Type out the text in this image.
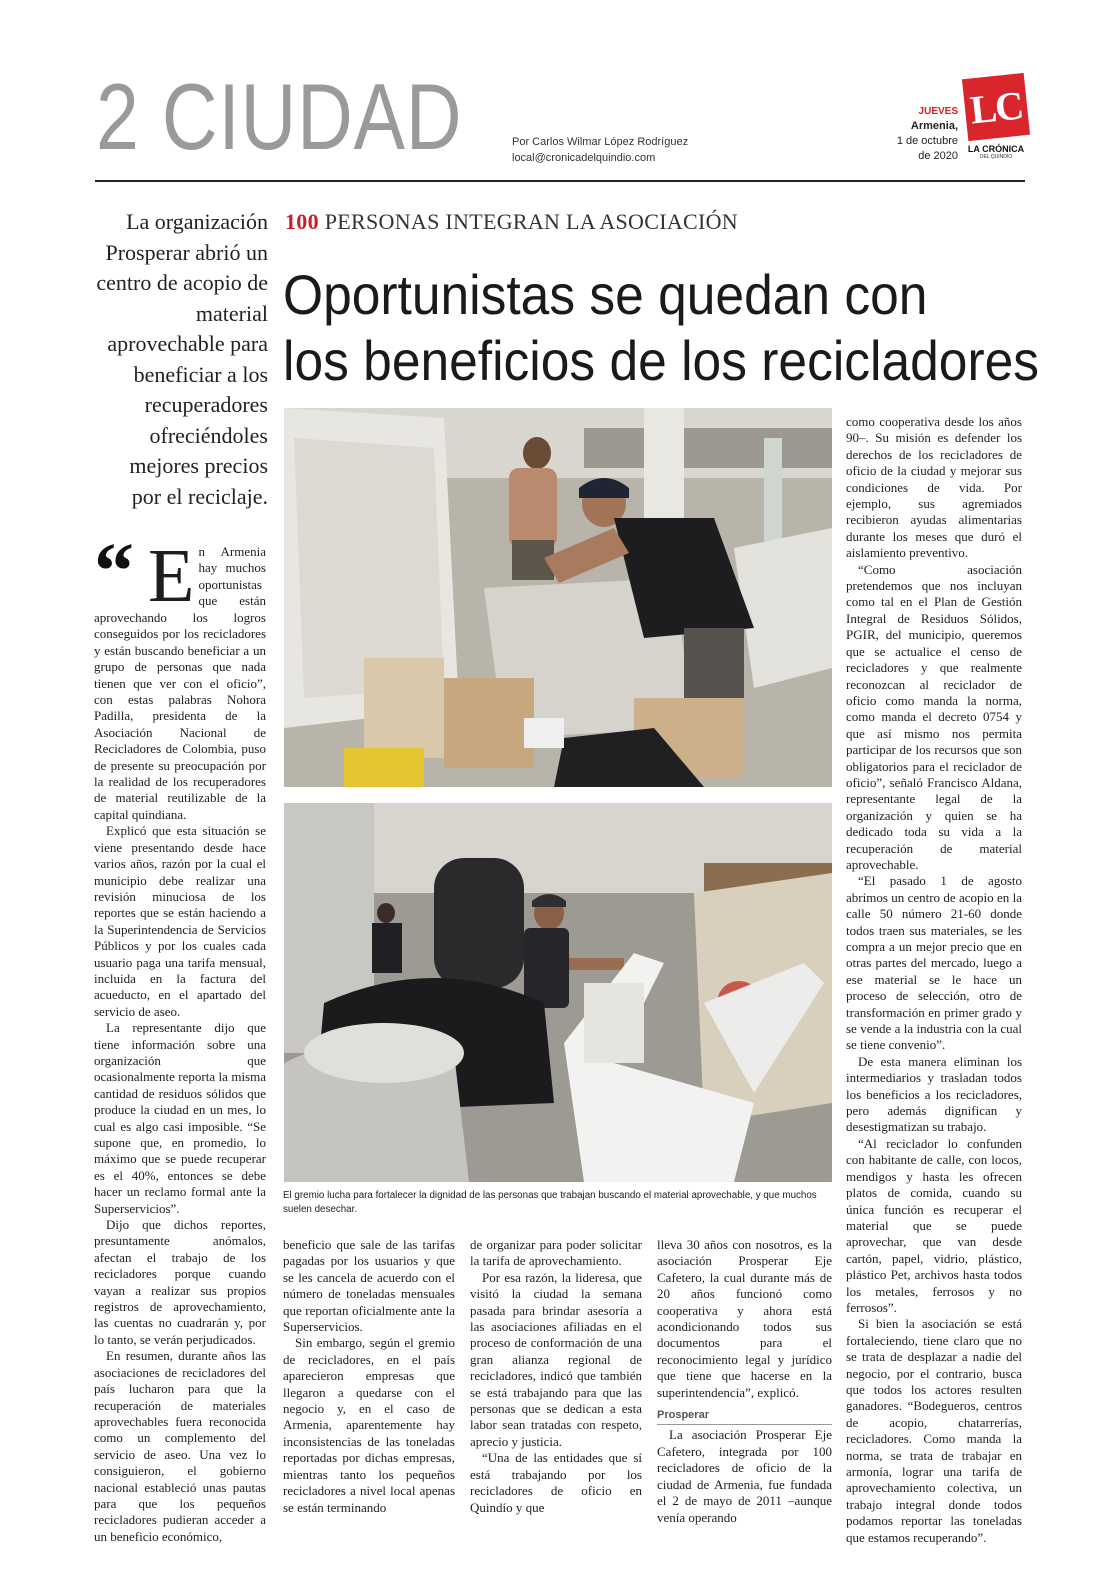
2 CIUDAD	Por Carlos Wilmar López Rodríguez
local@cronicadelquindio.com
JUEVES
Armenia,
1 de octubre
de 2020
LC
LA CRÓNICA
DEL QUINDÍO
La organización Prosperar abrió un centro de acopio de material aprovechable para beneficiar a los recuperadores ofreciéndoles mejores precios por el reciclaje.
100 PERSONAS INTEGRAN LA ASOCIACIÓN
Oportunistas se quedan con
los beneficios de los recicladores
El gremio lucha para fortalecer la dignidad de las personas que trabajan buscando el material aprovechable, y que muchos suelen desechar.
“ E n Armenia hay muchos oportunistas que están aprovechando los logros conseguidos por los recicladores y están buscando beneficiar a un grupo de personas que nada tienen que ver con el oficio”, con estas palabras Nohora Padilla, presidenta de la Asociación Nacional de Recicladores de Colombia, puso de presente su preocupación por la realidad de los recuperadores de material reutilizable de la capital quindiana.

Explicó que esta situación se viene presentando desde hace varios años, razón por la cual el municipio debe realizar una revisión minuciosa de los reportes que se están haciendo a la Superintendencia de Servicios Públicos y por los cuales cada usuario paga una tarifa mensual, incluida en la factura del acueducto, en el apartado del servicio de aseo.

La representante dijo que tiene información sobre una organización que ocasionalmente reporta la misma cantidad de residuos sólidos que produce la ciudad en un mes, lo cual es algo casi imposible. “Se supone que, en promedio, lo máximo que se puede recuperar es el 40%, entonces se debe hacer un reclamo formal ante la Superservicios”.

Dijo que dichos reportes, presuntamente anómalos, afectan el trabajo de los recicladores porque cuando vayan a realizar sus propios registros de aprovechamiento, las cuentas no cuadrarán y, por lo tanto, se verán perjudicados.

En resumen, durante años las asociaciones de recicladores del país lucharon para que la recuperación de materiales aprovechables fuera reconocida como un complemento del servicio de aseo. Una vez lo consiguieron, el gobierno nacional estableció unas pautas para que los pequeños recicladores pudieran acceder a un beneficio económico,

beneficio que sale de las tarifas pagadas por los usuarios y que se les cancela de acuerdo con el número de toneladas mensuales que reportan oficialmente ante la Superservicios.

Sin embargo, según el gremio de recicladores, en el país aparecieron empresas que llegaron a quedarse con el negocio y, en el caso de Armenia, aparentemente hay inconsistencias de las toneladas reportadas por dichas empresas, mientras tanto los pequeños recicladores a nivel local apenas se están terminando

de organizar para poder solicitar la tarifa de aprovechamiento.

Por esa razón, la lideresa, que visitó la ciudad la semana pasada para brindar asesoría a las asociaciones afiliadas en el proceso de conformación de una gran alianza regional de recicladores, indicó que también se está trabajando para que las personas que se dedican a esta labor sean tratadas con respeto, aprecio y justicia.

“Una de las entidades que sí está trabajando por los recicladores de oficio en Quindío y que

lleva 30 años con nosotros, es la asociación Prosperar Eje Cafetero, la cual durante más de 20 años funcionó como cooperativa y ahora está acondicionando todos sus documentos para el reconocimiento legal y jurídico que tiene que hacerse en la superintendencia”, explicó.

Prosperar

La asociación Prosperar Eje Cafetero, integrada por 100 recicladores de oficio de la ciudad de Armenia, fue fundada el 2 de mayo de 2011 –aunque venía operando

como cooperativa desde los años 90–. Su misión es defender los derechos de los recicladores de oficio de la ciudad y mejorar sus condiciones de vida. Por ejemplo, sus agremiados recibieron ayudas alimentarias durante los meses que duró el aislamiento preventivo.

“Como asociación pretendemos que nos incluyan como tal en el Plan de Gestión Integral de Residuos Sólidos, PGIR, del municipio, queremos que se actualice el censo de recicladores y que realmente reconozcan al reciclador de oficio como manda la norma, como manda el decreto 0754 y que así mismo nos permita participar de los recursos que son obligatorios para el reciclador de oficio”, señaló Francisco Aldana, representante legal de la organización y quien se ha dedicado toda su vida a la recuperación de material aprovechable.

“El pasado 1 de agosto abrimos un centro de acopio en la calle 50 número 21-60 donde todos traen sus materiales, se les compra a un mejor precio que en otras partes del mercado, luego a ese material se le hace un proceso de selección, otro de transformación en primer grado y se vende a la industria con la cual se tiene convenio”.

De esta manera eliminan los intermediarios y trasladan todos los beneficios a los recicladores, pero además dignifican y desestigmatizan su trabajo.

“Al reciclador lo confunden con habitante de calle, con locos, mendigos y hasta les ofrecen platos de comida, cuando su única función es recuperar el material que se puede aprovechar, que van desde cartón, papel, vidrio, plástico, plástico Pet, archivos hasta todos los metales, ferrosos y no ferrosos”.

Si bien la asociación se está fortaleciendo, tiene claro que no se trata de desplazar a nadie del negocio, por el contrario, busca que todos los actores resulten ganadores. “Bodegueros, centros de acopio, chatarrerías, recicladores. Como manda la norma, se trata de trabajar en armonía, lograr una tarifa de aprovechamiento colectiva, un trabajo integral donde todos podamos reportar las toneladas que estamos recuperando”.
